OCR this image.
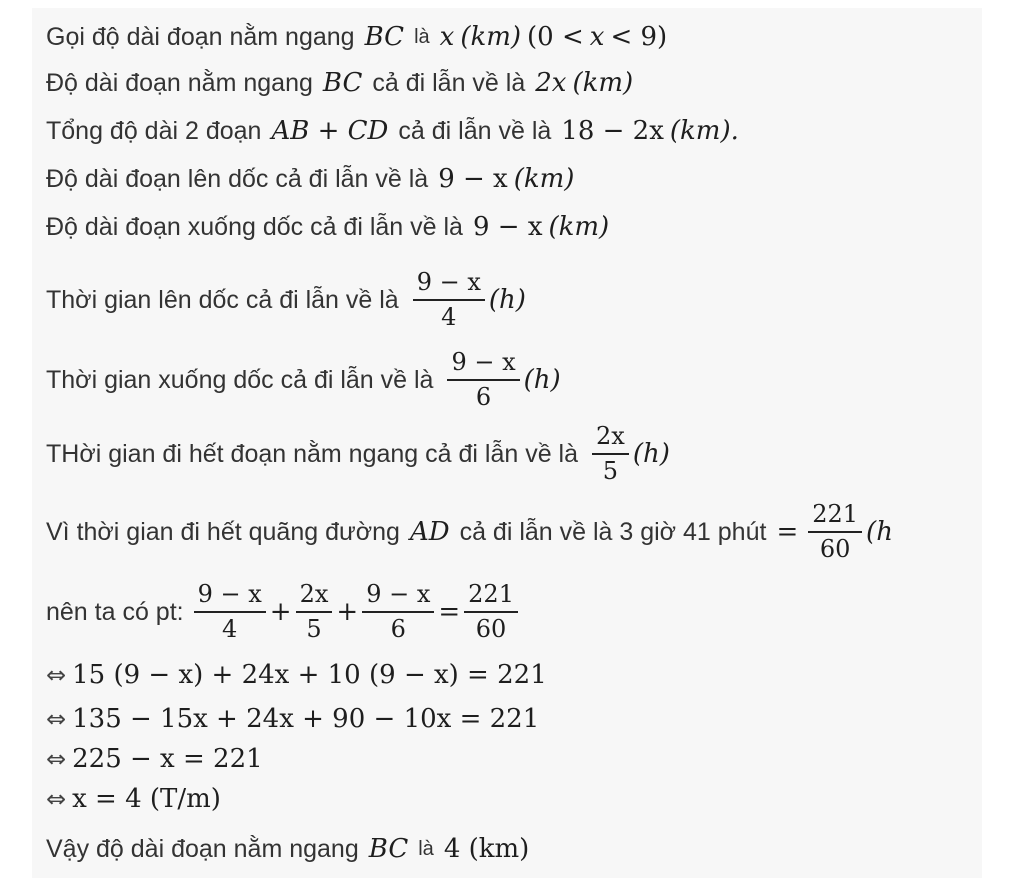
Gọi độ dài đoạn nằm ngang BC là x (km) (0 < x < 9)
Độ dài đoạn nằm ngang BC cả đi lẫn về là 2x (km)
Tổng độ dài 2 đoạn AB + CD cả đi lẫn về là 18 − 2x (km).
Độ dài đoạn lên dốc cả đi lẫn về là 9 − x (km)
Độ dài đoạn xuống dốc cả đi lẫn về là 9 − x (km)
Thời gian lên dốc cả đi lẫn về là $\frac{9 - x}{4} (h)$
Thời gian xuống dốc cả đi lẫn về là $\frac{9 - x}{6} (h)$
THời gian đi hết đoạn nằm ngang cả đi lẫn về là $\frac{2x}{5} (h)$
Vì thời gian đi hết quãng đường AD cả đi lẫn về là 3 giờ 41 phút = $\frac{221}{60} (h$
nên ta có pt: $\frac{9 - x}{4} + \frac{2x}{5} + \frac{9 - x}{6} = \frac{221}{60}$
⇔ 15 (9 − x) + 24x + 10 (9 − x) = 221
⇔ 135 − 15x + 24x + 90 − 10x = 221
⇔ 225 − x = 221
⇔ x = 4 (T/m)
Vậy độ dài đoạn nằm ngang BC là 4 (km)
